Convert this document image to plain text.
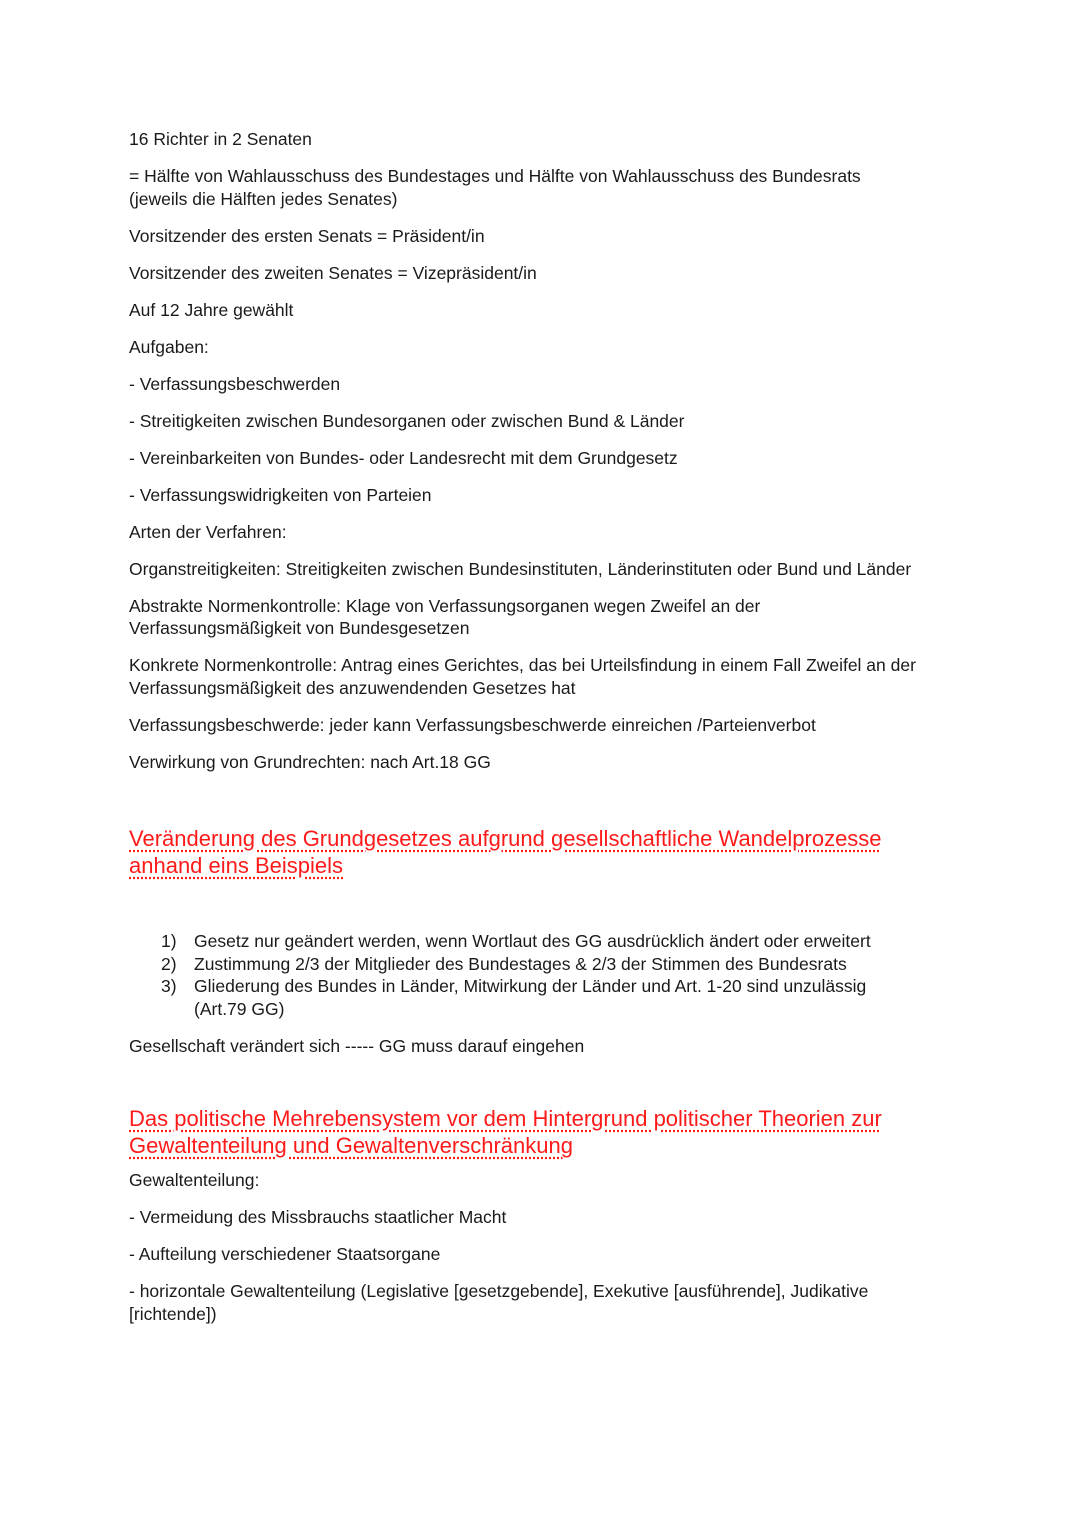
16 Richter in 2 Senaten

= Hälfte von Wahlausschuss des Bundestages und Hälfte von Wahlausschuss des Bundesrats (jeweils die Hälften jedes Senates)

Vorsitzender des ersten Senats = Präsident/in

Vorsitzender des zweiten Senates = Vizepräsident/in

Auf 12 Jahre gewählt

Aufgaben:

- Verfassungsbeschwerden

- Streitigkeiten zwischen Bundesorganen oder zwischen Bund & Länder

- Vereinbarkeiten von Bundes- oder Landesrecht mit dem Grundgesetz

- Verfassungswidrigkeiten von Parteien

Arten der Verfahren:

Organstreitigkeiten: Streitigkeiten zwischen Bundesinstituten, Länderinstituten oder Bund und Länder

Abstrakte Normenkontrolle: Klage von Verfassungsorganen wegen Zweifel an der Verfassungsmäßigkeit von Bundesgesetzen

Konkrete Normenkontrolle: Antrag eines Gerichtes, das bei Urteilsfindung in einem Fall Zweifel an der Verfassungsmäßigkeit des anzuwendenden Gesetzes hat

Verfassungsbeschwerde: jeder kann Verfassungsbeschwerde einreichen /Parteienverbot

Verwirkung von Grundrechten: nach Art.18 GG

Veränderung des Grundgesetzes aufgrund gesellschaftliche Wandelprozesse
anhand eins Beispiels
1) Gesetz nur geändert werden, wenn Wortlaut des GG ausdrücklich ändert oder erweitert
2) Zustimmung 2/3 der Mitglieder des Bundestages & 2/3 der Stimmen des Bundesrats
3) Gliederung des Bundes in Länder, Mitwirkung der Länder und Art. 1-20 sind unzulässig (Art.79 GG)

Gesellschaft verändert sich ----- GG muss darauf eingehen

Das politische Mehrebensystem vor dem Hintergrund politischer Theorien zur
Gewaltenteilung und Gewaltenverschränkung

Gewaltenteilung:

- Vermeidung des Missbrauchs staatlicher Macht

- Aufteilung verschiedener Staatsorgane

- horizontale Gewaltenteilung (Legislative [gesetzgebende], Exekutive [ausführende], Judikative [richtende])
